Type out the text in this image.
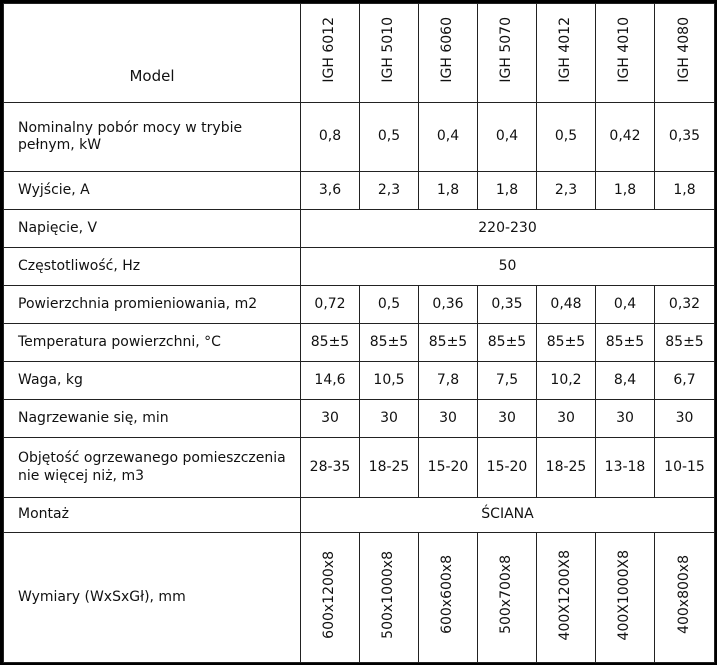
Model	IGH 6012	IGH 5010	IGH 6060	IGH 5070	IGH 4012	IGH 4010	IGH 4080
Nominalny pobór mocy w trybie pełnym, kW	0,8	0,5	0,4	0,4	0,5	0,42	0,35
Wyjście, A	3,6	2,3	1,8	1,8	2,3	1,8	1,8
Napięcie, V	220-230						
Częstotliwość, Hz	50						
Powierzchnia promieniowania, m2	0,72	0,5	0,36	0,35	0,48	0,4	0,32
Temperatura powierzchni, °C	85±5	85±5	85±5	85±5	85±5	85±5	85±5
Waga, kg	14,6	10,5	7,8	7,5	10,2	8,4	6,7
Nagrzewanie się, min	30	30	30	30	30	30	30
Objętość ogrzewanego pomieszczenia nie więcej niż, m3	28-35	18-25	15-20	15-20	18-25	13-18	10-15
Montaż	ŚCIANA						
Wymiary (WxSxGł), mm	600x1200x8	500x1000x8	600x600x8	500x700x8	400X1200X8	400X1000X8	400x800x8
